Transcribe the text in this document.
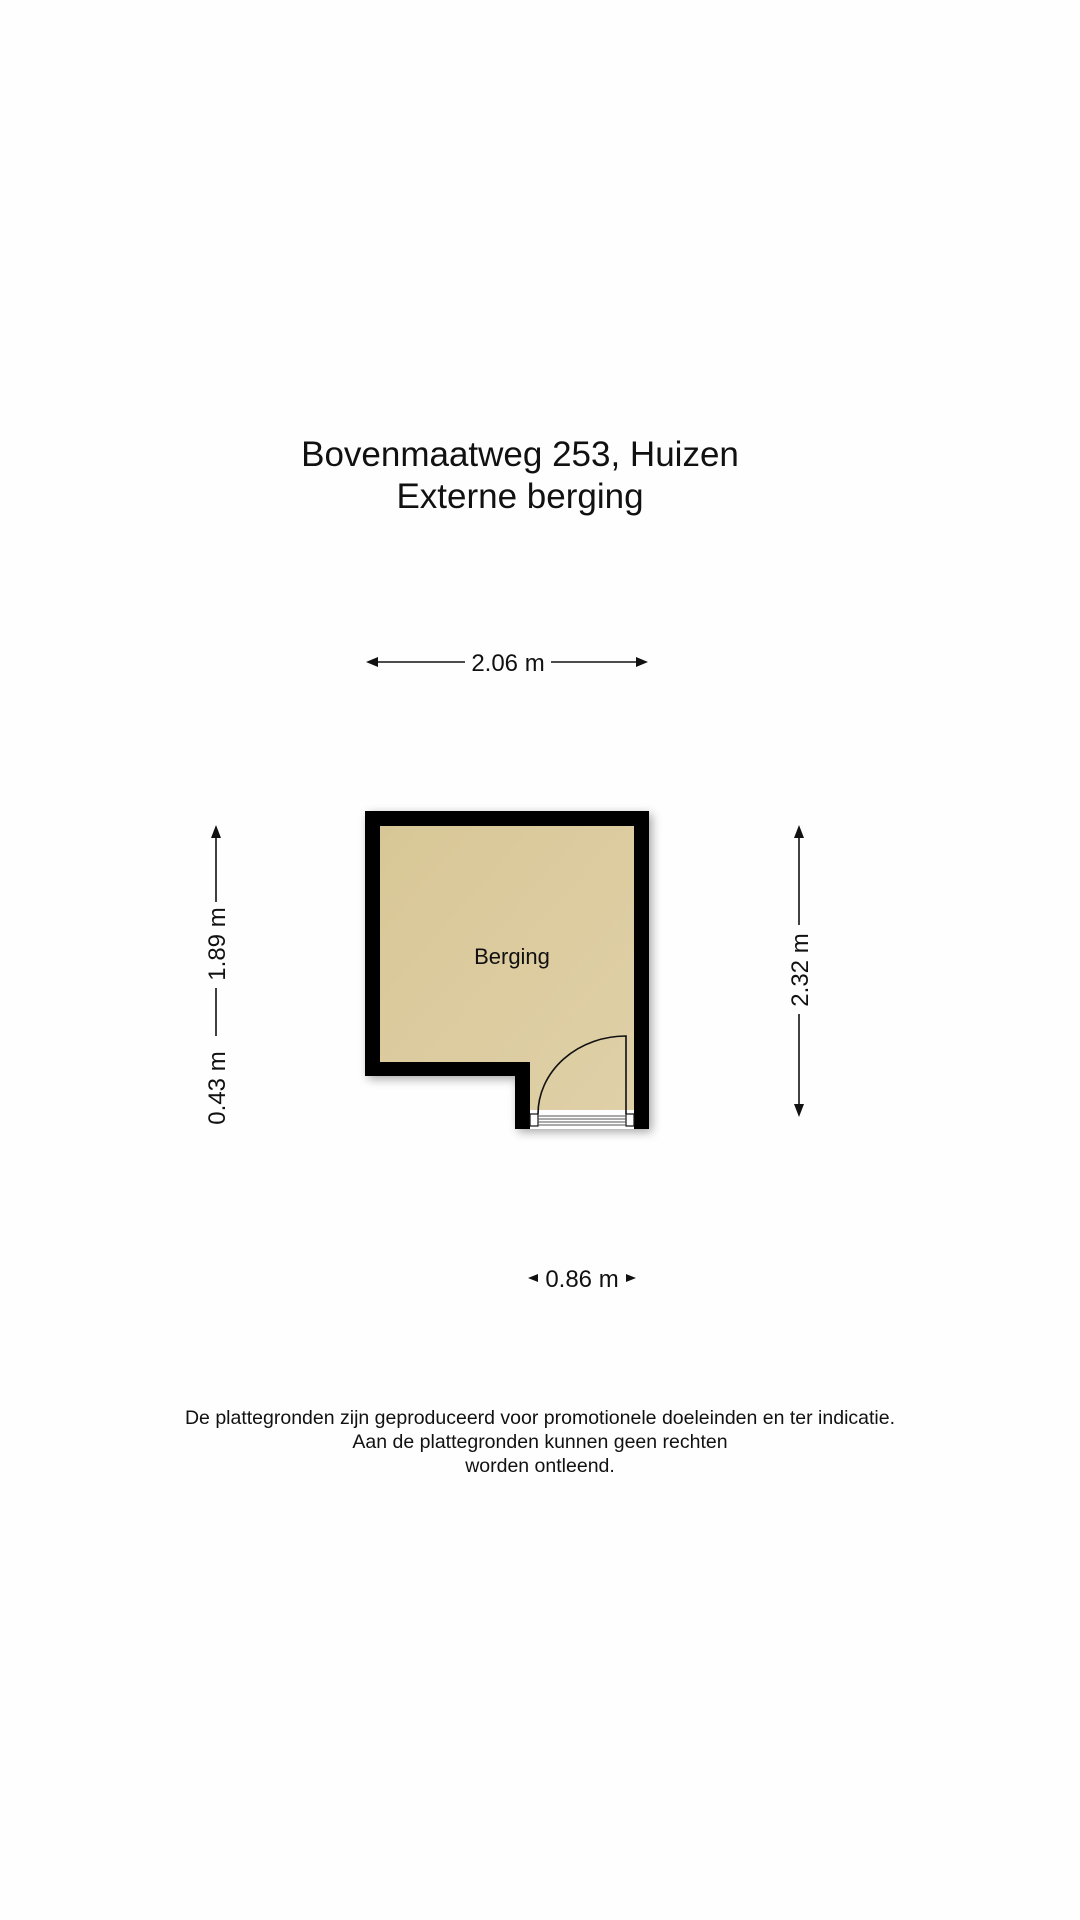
Bovenmaatweg 253, Huizen
Externe berging
2.06 m
1.89 m
0.43 m
2.32 m
Berging
0.86 m
De plattegronden zijn geproduceerd voor promotionele doeleinden en ter indicatie.
Aan de plattegronden kunnen geen rechten
worden ontleend.
